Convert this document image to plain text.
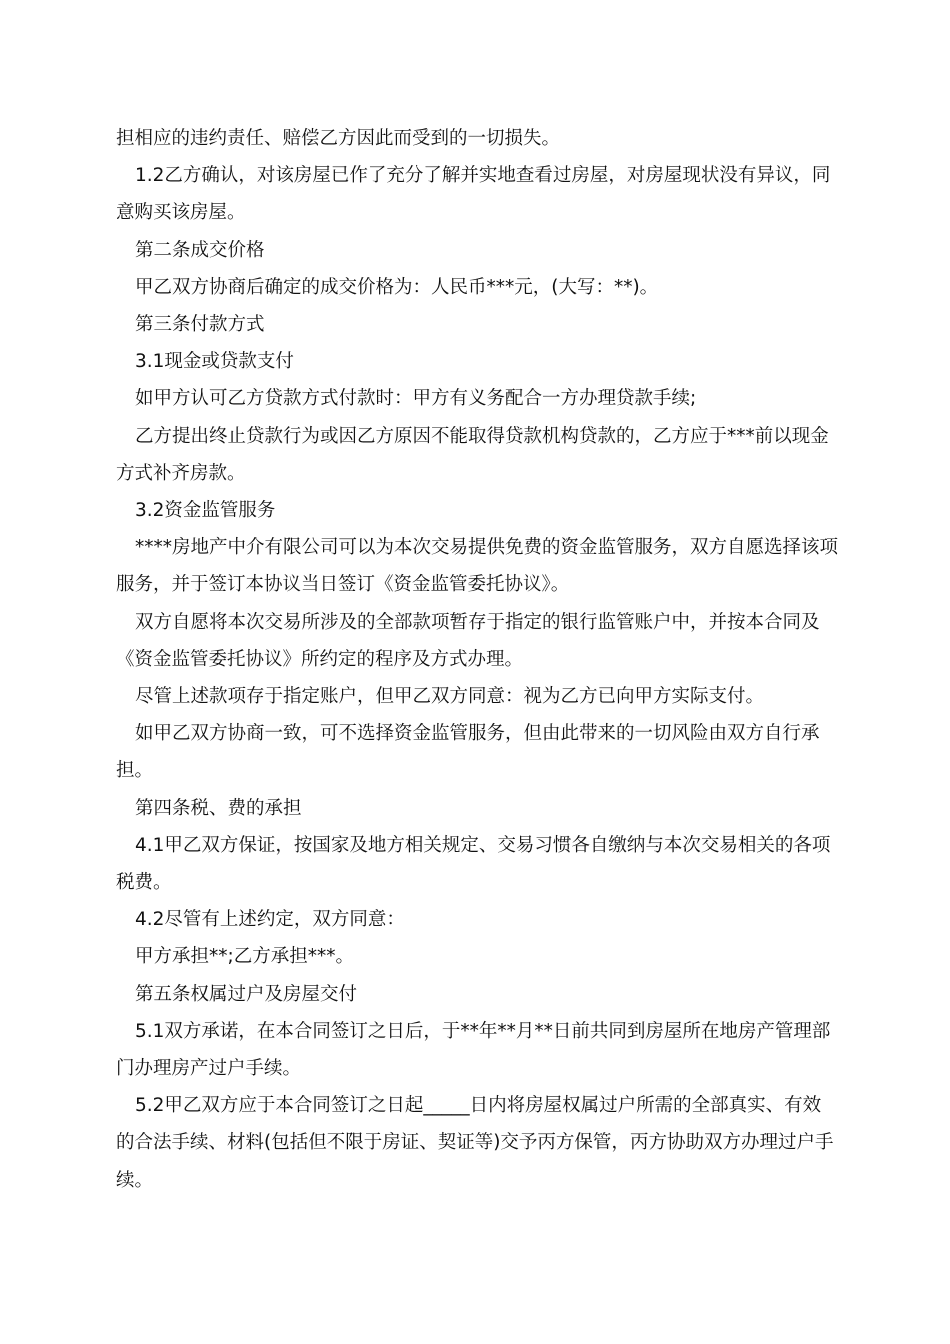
担相应的违约责任、赔偿乙方因此而受到的一切损失。

1.2乙方确认，对该房屋已作了充分了解并实地查看过房屋，对房屋现状没有异议，同意购买该房屋。

第二条成交价格

甲乙双方协商后确定的成交价格为：人民币***元，(大写：**)。

第三条付款方式

3.1现金或贷款支付

如甲方认可乙方贷款方式付款时：甲方有义务配合一方办理贷款手续;

乙方提出终止贷款行为或因乙方原因不能取得贷款机构贷款的，乙方应于***前以现金方式补齐房款。

3.2资金监管服务

****房地产中介有限公司可以为本次交易提供免费的资金监管服务，双方自愿选择该项服务，并于签订本协议当日签订《资金监管委托协议》。

双方自愿将本次交易所涉及的全部款项暂存于指定的银行监管账户中，并按本合同及《资金监管委托协议》所约定的程序及方式办理。

尽管上述款项存于指定账户，但甲乙双方同意：视为乙方已向甲方实际支付。

如甲乙双方协商一致，可不选择资金监管服务，但由此带来的一切风险由双方自行承担。

第四条税、费的承担

4.1甲乙双方保证，按国家及地方相关规定、交易习惯各自缴纳与本次交易相关的各项税费。

4.2尽管有上述约定，双方同意：

甲方承担**;乙方承担***。

第五条权属过户及房屋交付

5.1双方承诺，在本合同签订之日后，于**年**月**日前共同到房屋所在地房产管理部门办理房产过户手续。

5.2甲乙双方应于本合同签订之日起_____日内将房屋权属过户所需的全部真实、有效的合法手续、材料(包括但不限于房证、契证等)交予丙方保管，丙方协助双方办理过户手续。
